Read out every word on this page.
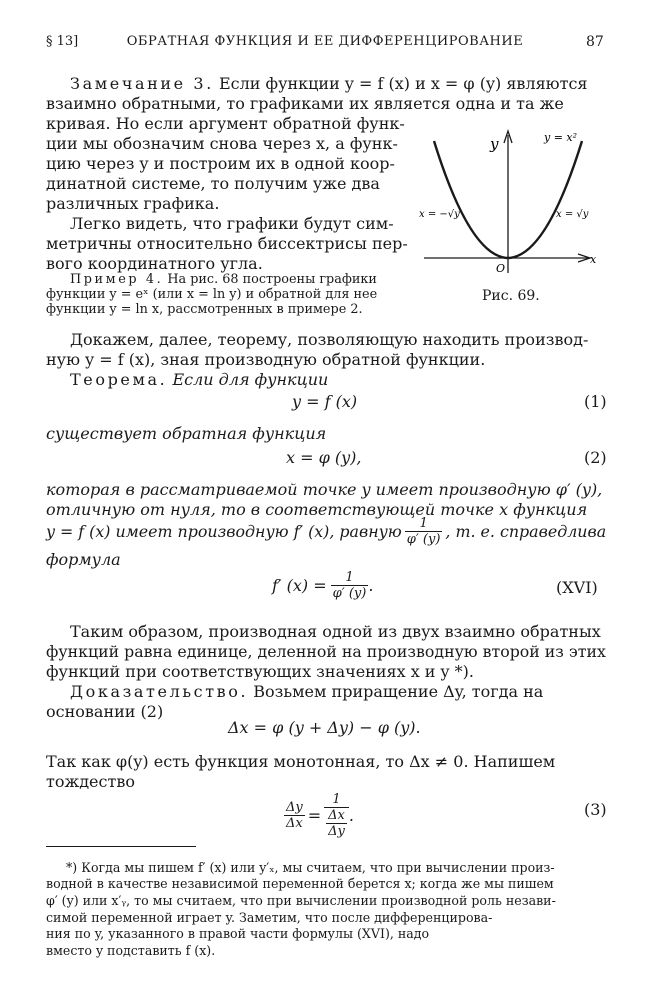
§ 13]	ОБРАТНАЯ ФУНКЦИЯ И ЕЕ ДИФФЕРЕНЦИРОВАНИЕ	87
Замечание 3. Если функции y = f (x) и x = φ (y) являются
взаимно обратными, то графиками их является одна и та же
кривая. Но если аргумент обратной функ-
ции мы обозначим снова через x, а функ-
цию через y и построим их в одной коор-
динатной системе, то получим уже два
различных графика.
Легко видеть, что графики будут сим-
метричны относительно биссектрисы пер-
вого координатного угла.
Пример 4. На рис. 68 построены графики
функции y = eˣ (или x = ln y) и обратной для нее
функции y = ln x, рассмотренных в примере 2.
y
x
O
y = x²
x = −√y	x = √y
Рис. 69.
Докажем, далее, теорему, позволяющую находить производ-
ную y = f (x), зная производную обратной функции.
Теорема. Если для функции
y = f (x)	(1)
существует обратная функция
x = φ (y),	(2)
которая в рассматриваемой точке y имеет производную φ′ (y),
отличную от нуля, то в соответствующей точке x функция
y = f (x) имеет производную f′ (x), равную $\frac{1}{\varphi' (y)}$ , т. е. справедлива
формула
f′ $(x) = \frac{1}{\varphi' (y)}$ .	(XVI)
Таким образом, производная одной из двух взаимно обратных
функций равна единице, деленной на производную второй из этих
функций при соответствующих значениях x и y *).
Доказательство. Возьмем приращение Δy, тогда на
основании (2)
Δx = φ (y + Δy) − φ (y).
Так как φ(y) есть функция монотонная, то Δx ≠ 0. Напишем
тождество
$\frac{\Delta y}{\Delta x} = \frac{1}{\frac{\Delta x}{\Delta y}}$ .	(3)
*) Когда мы пишем f′ (x) или y′ₓ, мы считаем, что при вычислении произ-
водной в качестве независимой переменной берется x; когда же мы пишем
φ′ (y) или x′ᵧ, то мы считаем, что при вычислении производной роль незави-
симой переменной играет y. Заметим, что после дифференцирова-
ния по y, указанного в правой части формулы (XVI), надо
вместо y подставить f (x).
